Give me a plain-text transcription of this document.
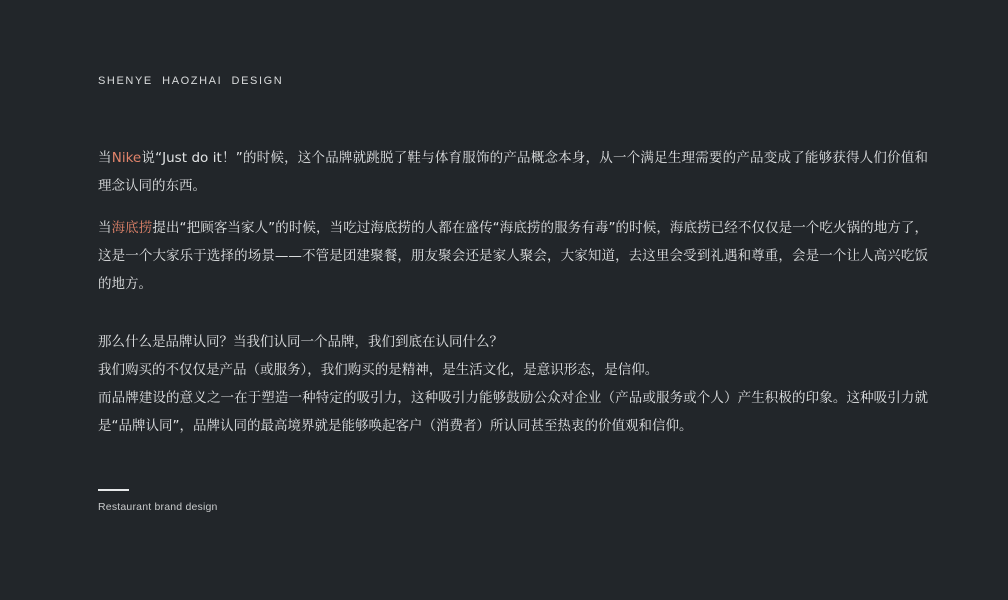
SHENYE  HAOZHAI  DESIGN
当Nike说“Just do it！”的时候，这个品牌就跳脱了鞋与体育服饰的产品概念本身，从一个满足生理需要的产品变成了能够获得人们价值和理念认同的东西。
当海底捞提出“把顾客当家人”的时候，当吃过海底捞的人都在盛传“海底捞的服务有毒”的时候，海底捞已经不仅仅是一个吃火锅的地方了，这是一个大家乐于选择的场景——不管是团建聚餐，朋友聚会还是家人聚会，大家知道，去这里会受到礼遇和尊重，会是一个让人高兴吃饭的地方。

那么什么是品牌认同？当我们认同一个品牌，我们到底在认同什么？

我们购买的不仅仅是产品（或服务），我们购买的是精神，是生活文化，是意识形态，是信仰。

而品牌建设的意义之一在于塑造一种特定的吸引力，这种吸引力能够鼓励公众对企业（产品或服务或个人）产生积极的印象。这种吸引力就是“品牌认同”，品牌认同的最高境界就是能够唤起客户（消费者）所认同甚至热衷的价值观和信仰。

Restaurant brand design
